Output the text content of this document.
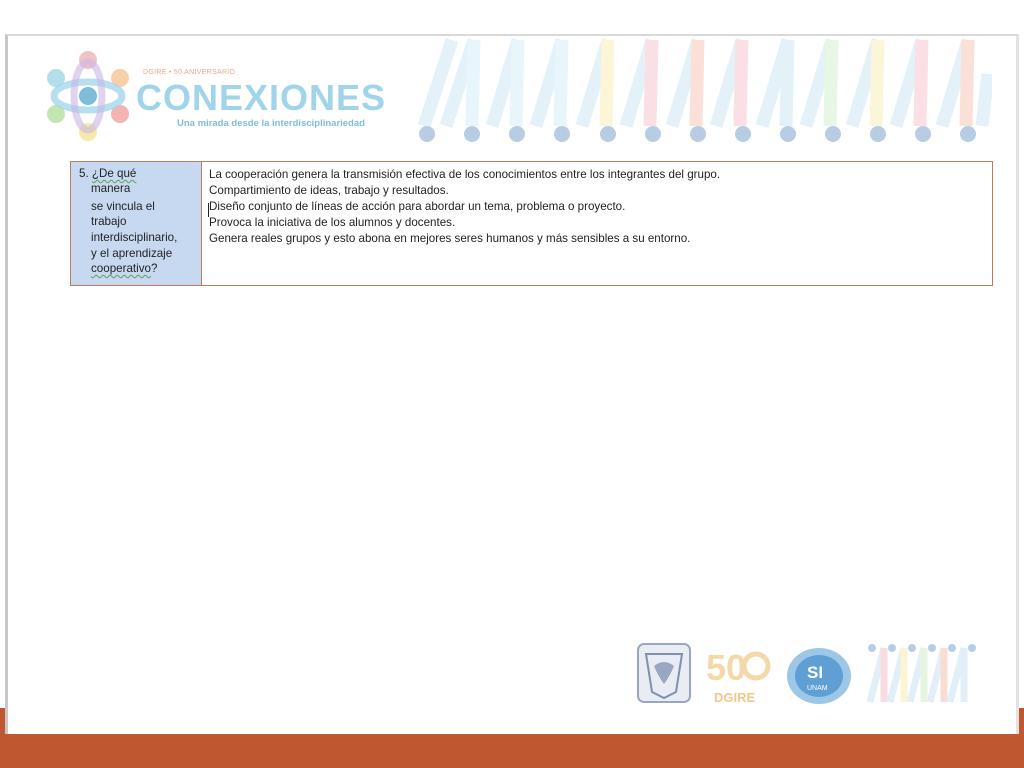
DGIRE • 50 ANIVERSARIO
CONEXIONES
Una mirada desde la interdisciplinariedad
5. ¿De qué
manera
se vincula el
trabajo
interdisciplinario,
y el aprendizaje
cooperativo?
La cooperación genera la transmisión efectiva de los conocimientos entre los integrantes del grupo.
Compartimiento de ideas, trabajo y resultados.
Diseño conjunto de líneas de acción para abordar un tema, problema o proyecto.
Provoca la iniciativa de los alumnos y docentes.
Genera reales grupos y esto abona en mejores seres humanos y más sensibles a su entorno.
50
DGIRE
SI
UNAM
